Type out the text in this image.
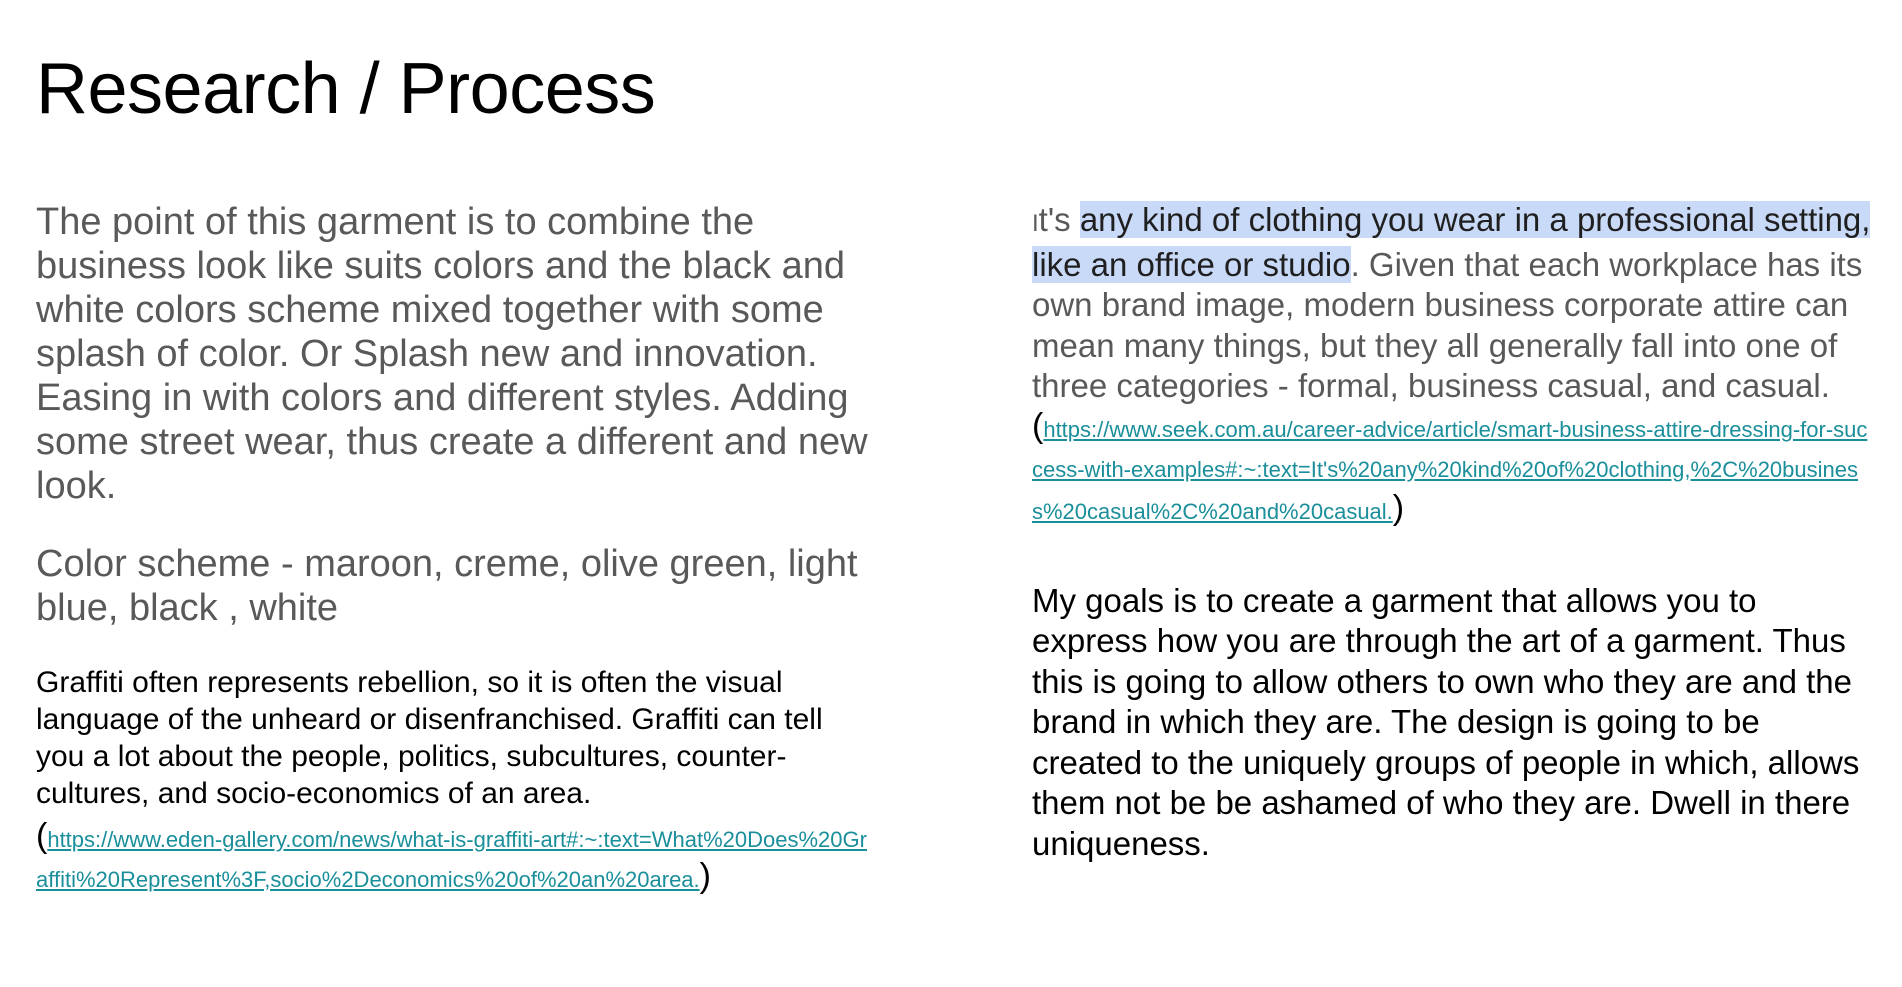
Research / Process

The point of this garment is to combine the business look like suits colors and the black and white colors scheme mixed together with some splash of color. Or Splash new and innovation. Easing in with colors and different styles. Adding some street wear, thus create a different and new look.

Color scheme - maroon, creme, olive green, light blue, black , white

Graffiti often represents rebellion, so it is often the visual language of the unheard or disenfranchised. Graffiti can tell you a lot about the people, politics, subcultures, counter-cultures, and socio-economics of an area.

(https://www.eden-gallery.com/news/what-is-graffiti-art#:~:text=What%20Does%20Graffiti%20Represent%3F,socio%2Deconomics%20of%20an%20area.)

It's any kind of clothing you wear in a professional setting, like an office or studio. Given that each workplace has its own brand image, modern business corporate attire can mean many things, but they all generally fall into one of three categories - formal, business casual, and casual.

(https://www.seek.com.au/career-advice/article/smart-business-attire-dressing-for-success-with-examples#:~:text=It's%20any%20kind%20of%20clothing,%2C%20business%20casual%2C%20and%20casual.)

My goals is to create a garment that allows you to express how you are through the art of a garment. Thus this is going to allow others to own who they are and the brand in which they are. The design is going to be created to the uniquely groups of people in which, allows them not be be ashamed of who they are. Dwell in there uniqueness.
